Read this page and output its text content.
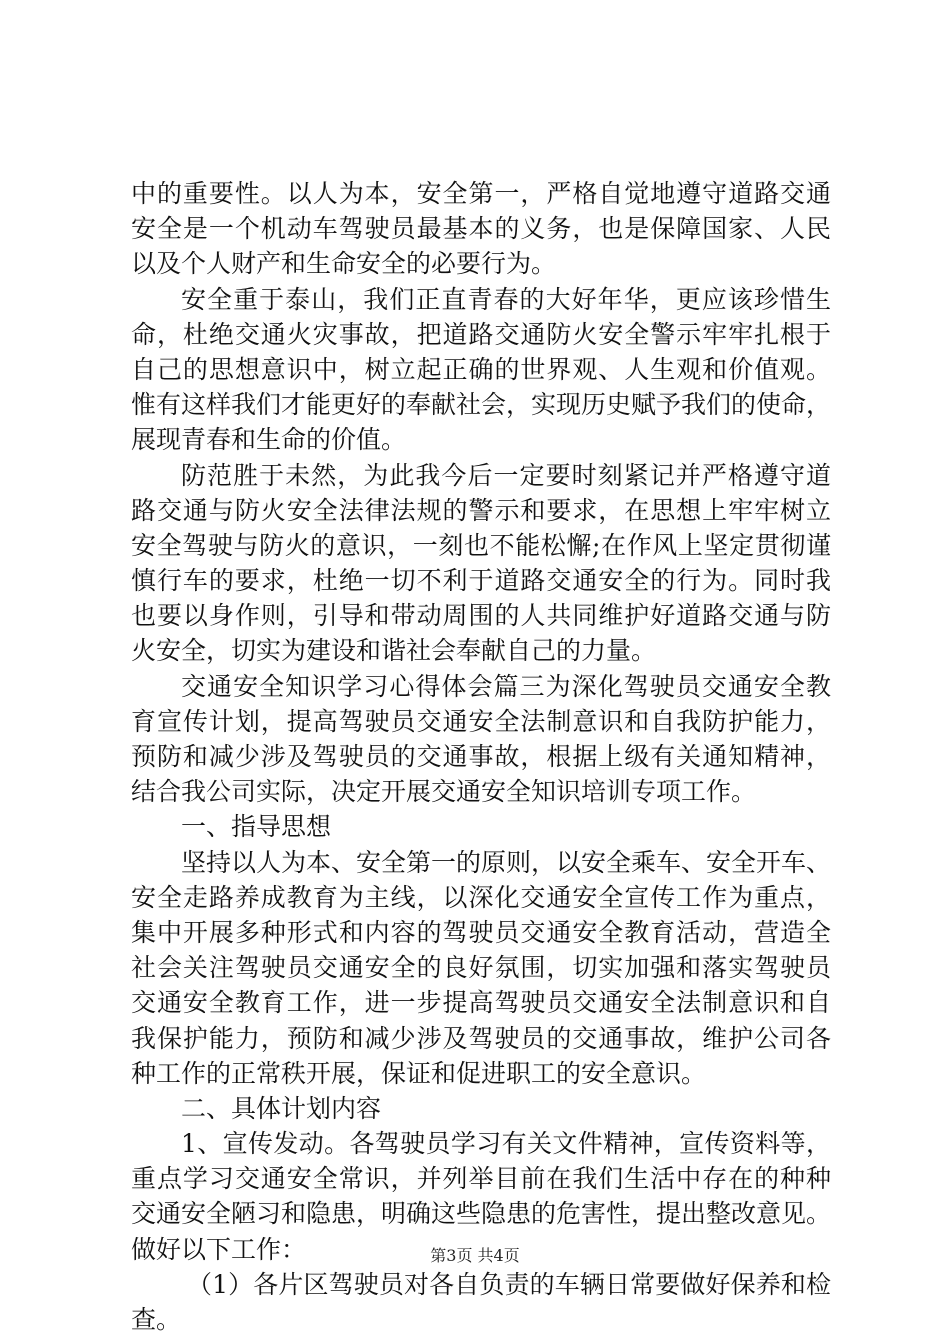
中的重要性。以人为本，安全第一，严格自觉地遵守道路交通
安全是一个机动车驾驶员最基本的义务，也是保障国家、人民
以及个人财产和生命安全的必要行为。
安全重于泰山，我们正直青春的大好年华，更应该珍惜生
命，杜绝交通火灾事故，把道路交通防火安全警示牢牢扎根于
自己的思想意识中，树立起正确的世界观、人生观和价值观。
惟有这样我们才能更好的奉献社会，实现历史赋予我们的使命，
展现青春和生命的价值。
防范胜于未然，为此我今后一定要时刻紧记并严格遵守道
路交通与防火安全法律法规的警示和要求，在思想上牢牢树立
安全驾驶与防火的意识，一刻也不能松懈;在作风上坚定贯彻谨
慎行车的要求，杜绝一切不利于道路交通安全的行为。同时我
也要以身作则，引导和带动周围的人共同维护好道路交通与防
火安全，切实为建设和谐社会奉献自己的力量。
交通安全知识学习心得体会篇三为深化驾驶员交通安全教
育宣传计划，提高驾驶员交通安全法制意识和自我防护能力，
预防和减少涉及驾驶员的交通事故，根据上级有关通知精神，
结合我公司实际，决定开展交通安全知识培训专项工作。
一、指导思想
坚持以人为本、安全第一的原则，以安全乘车、安全开车、
安全走路养成教育为主线，以深化交通安全宣传工作为重点，
集中开展多种形式和内容的驾驶员交通安全教育活动，营造全
社会关注驾驶员交通安全的良好氛围，切实加强和落实驾驶员
交通安全教育工作，进一步提高驾驶员交通安全法制意识和自
我保护能力，预防和减少涉及驾驶员的交通事故，维护公司各
种工作的正常秩开展，保证和促进职工的安全意识。
二、具体计划内容
1、宣传发动。各驾驶员学习有关文件精神，宣传资料等，
重点学习交通安全常识，并列举目前在我们生活中存在的种种
交通安全陋习和隐患，明确这些隐患的危害性，提出整改意见。
做好以下工作：
（1）各片区驾驶员对各自负责的车辆日常要做好保养和检
查。
第3页 共4页
